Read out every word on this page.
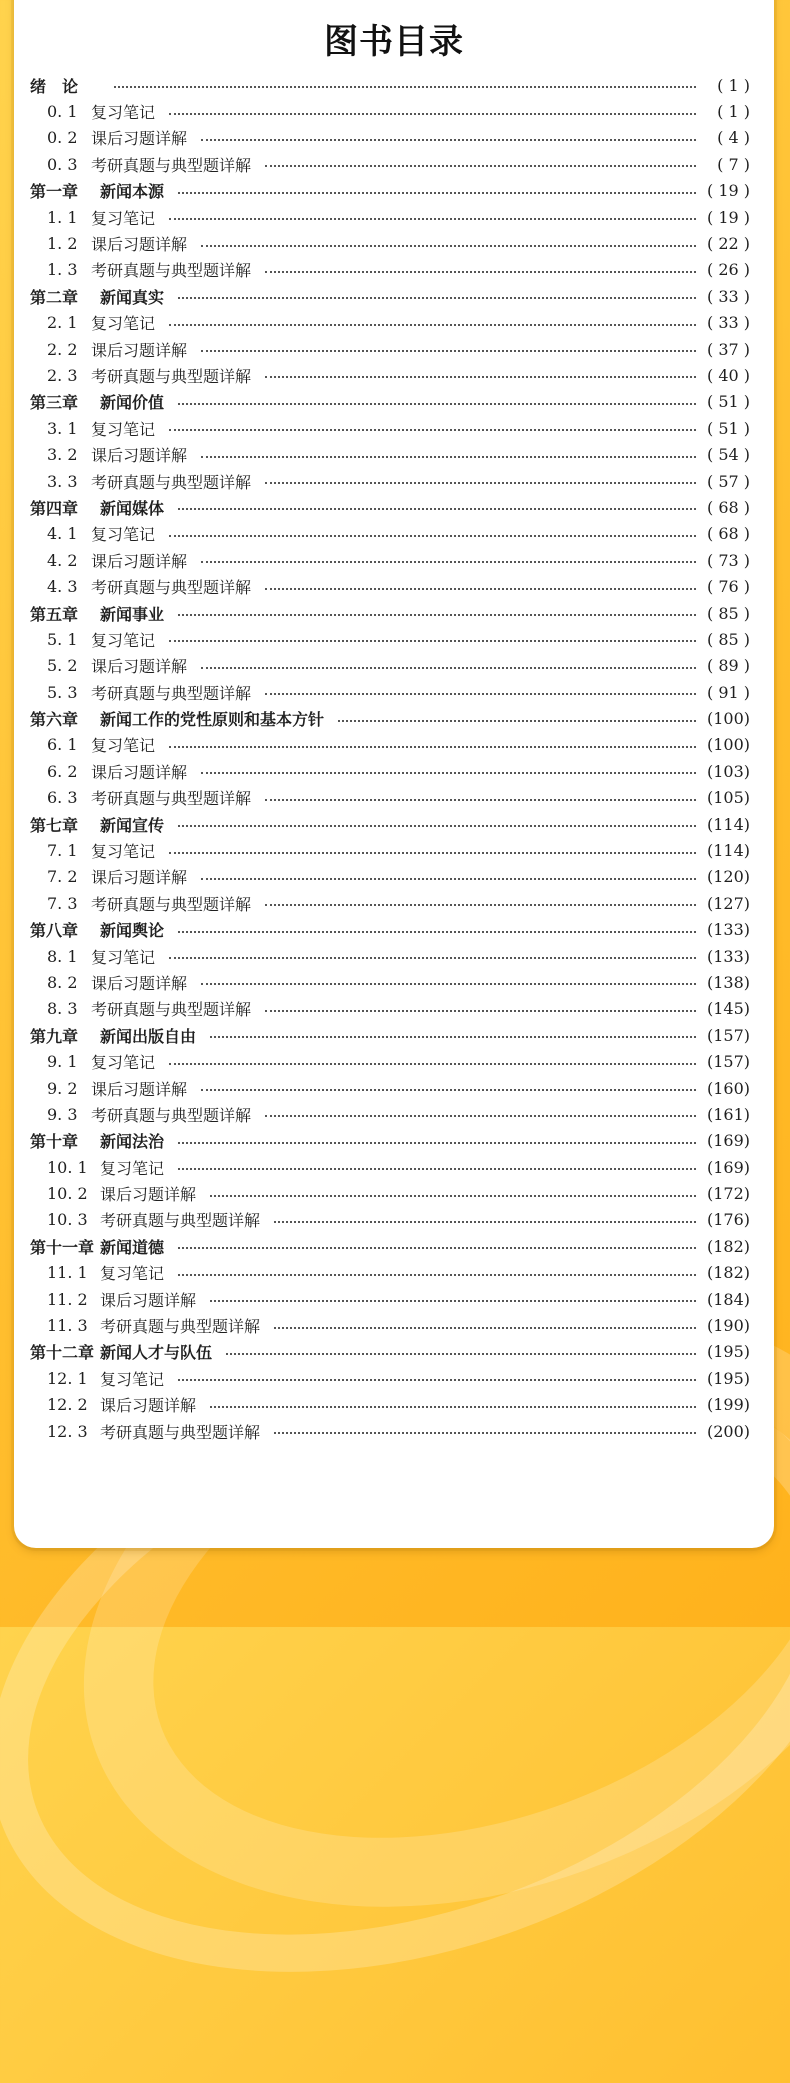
图书目录
绪　论	( 1 )
0. 1 复习笔记	( 1 )
0. 2 课后习题详解	( 4 )
0. 3 考研真题与典型题详解	( 7 )
第一章	新闻本源	( 19 )
1. 1 复习笔记	( 19 )
1. 2 课后习题详解	( 22 )
1. 3 考研真题与典型题详解	( 26 )
第二章	新闻真实	( 33 )
2. 1 复习笔记	( 33 )
2. 2 课后习题详解	( 37 )
2. 3 考研真题与典型题详解	( 40 )
第三章	新闻价值	( 51 )
3. 1 复习笔记	( 51 )
3. 2 课后习题详解	( 54 )
3. 3 考研真题与典型题详解	( 57 )
第四章	新闻媒体	( 68 )
4. 1 复习笔记	( 68 )
4. 2 课后习题详解	( 73 )
4. 3 考研真题与典型题详解	( 76 )
第五章	新闻事业	( 85 )
5. 1 复习笔记	( 85 )
5. 2 课后习题详解	( 89 )
5. 3 考研真题与典型题详解	( 91 )
第六章	新闻工作的党性原则和基本方针	(100)
6. 1 复习笔记	(100)
6. 2 课后习题详解	(103)
6. 3 考研真题与典型题详解	(105)
第七章	新闻宣传	(114)
7. 1 复习笔记	(114)
7. 2 课后习题详解	(120)
7. 3 考研真题与典型题详解	(127)
第八章	新闻舆论	(133)
8. 1 复习笔记	(133)
8. 2 课后习题详解	(138)
8. 3 考研真题与典型题详解	(145)
第九章	新闻出版自由	(157)
9. 1 复习笔记	(157)
9. 2 课后习题详解	(160)
9. 3 考研真题与典型题详解	(161)
第十章	新闻法治	(169)
10. 1 复习笔记	(169)
10. 2 课后习题详解	(172)
10. 3 考研真题与典型题详解	(176)
第十一章 新闻道德	(182)
11. 1 复习笔记	(182)
11. 2 课后习题详解	(184)
11. 3 考研真题与典型题详解	(190)
第十二章 新闻人才与队伍	(195)
12. 1 复习笔记	(195)
12. 2 课后习题详解	(199)
12. 3 考研真题与典型题详解	(200)
